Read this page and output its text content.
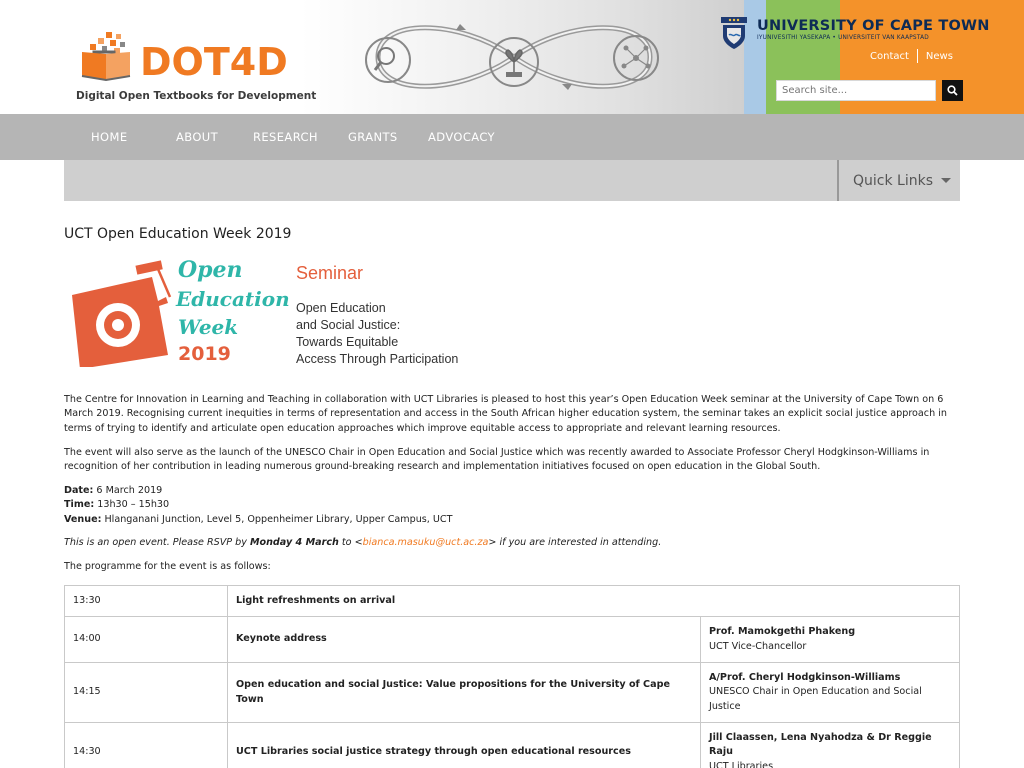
DOT4D
Digital Open Textbooks for Development
UNIVERSITY OF CAPE TOWN
IYUNIVESITHI YASEKAPA • UNIVERSITEIT VAN KAAPSTAD
Contact News
Search site...
HOME	ABOUT	RESEARCH	GRANTS	ADVOCACY
Quick Links
UCT Open Education Week 2019
Open
Education
Week
2019
Seminar
Open Education
and Social Justice:
Towards Equitable
Access Through Participation
The Centre for Innovation in Learning and Teaching in collaboration with UCT Libraries is pleased to host this year’s Open Education Week seminar at the University of Cape Town on 6 March 2019. Recognising current inequities in terms of representation and access in the South African higher education system, the seminar takes an explicit social justice approach in terms of trying to identify and articulate open education approaches which improve equitable access to appropriate and relevant learning resources.
The event will also serve as the launch of the UNESCO Chair in Open Education and Social Justice which was recently awarded to Associate Professor Cheryl Hodgkinson-Williams in recognition of her contribution in leading numerous ground-breaking research and implementation initiatives focused on open education in the Global South.
Date: 6 March 2019
Time: 13h30 – 15h30
Venue: Hlanganani Junction, Level 5, Oppenheimer Library, Upper Campus, UCT
This is an open event. Please RSVP by Monday 4 March to <bianca.masuku@uct.ac.za> if you are interested in attending.
The programme for the event is as follows:
13:30	Light refreshments on arrival	
14:00	Keynote address	Prof. Mamokgethi Phakeng
UCT Vice-Chancellor

14:15	Open education and social Justice: Value propositions for the University of Cape Town	A/Prof. Cheryl Hodgkinson-Williams
UNESCO Chair in Open Education and Social Justice

14:30	UCT Libraries social justice strategy through open educational resources	Jill Claassen, Lena Nyahodza & Dr Reggie Raju
UCT Libraries
